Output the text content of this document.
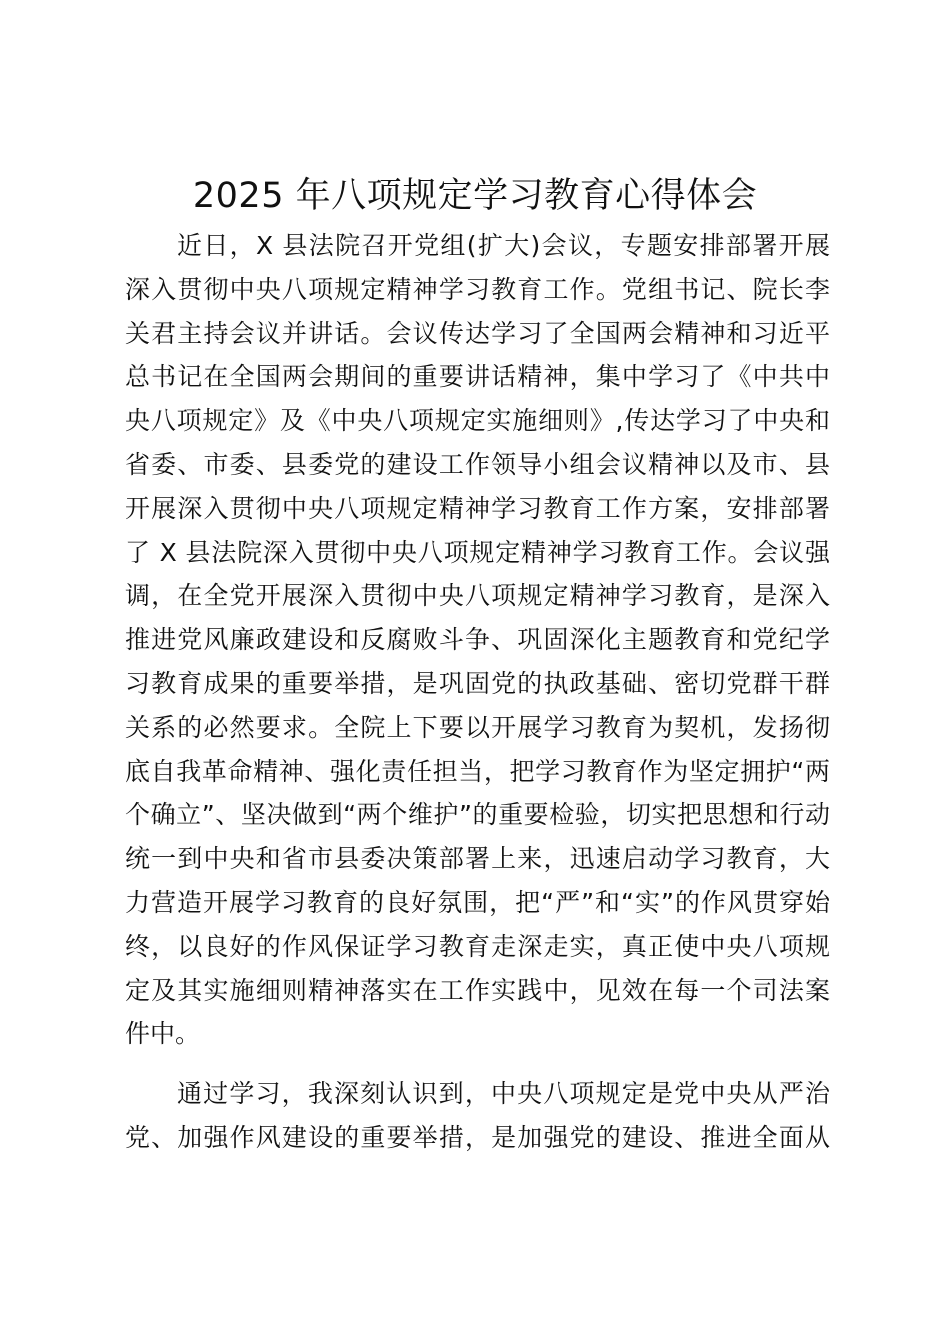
2025 年八项规定学习教育心得体会
近日，X 县法院召开党组(扩大)会议，专题安排部署开展
深入贯彻中央八项规定精神学习教育工作。党组书记、院长李
关君主持会议并讲话。会议传达学习了全国两会精神和习近平
总书记在全国两会期间的重要讲话精神，集中学习了《中共中
央八项规定》及《中央八项规定实施细则》,传达学习了中央和
省委、市委、县委党的建设工作领导小组会议精神以及市、县
开展深入贯彻中央八项规定精神学习教育工作方案，安排部署
了 X 县法院深入贯彻中央八项规定精神学习教育工作。会议强
调，在全党开展深入贯彻中央八项规定精神学习教育，是深入
推进党风廉政建设和反腐败斗争、巩固深化主题教育和党纪学
习教育成果的重要举措，是巩固党的执政基础、密切党群干群
关系的必然要求。全院上下要以开展学习教育为契机，发扬彻
底自我革命精神、强化责任担当，把学习教育作为坚定拥护“两
个确立”、坚决做到“两个维护”的重要检验，切实把思想和行动
统一到中央和省市县委决策部署上来，迅速启动学习教育，大
力营造开展学习教育的良好氛围，把“严”和“实”的作风贯穿始
终，以良好的作风保证学习教育走深走实，真正使中央八项规
定及其实施细则精神落实在工作实践中，见效在每一个司法案
件中。
通过学习，我深刻认识到，中央八项规定是党中央从严治
党、加强作风建设的重要举措，是加强党的建设、推进全面从
